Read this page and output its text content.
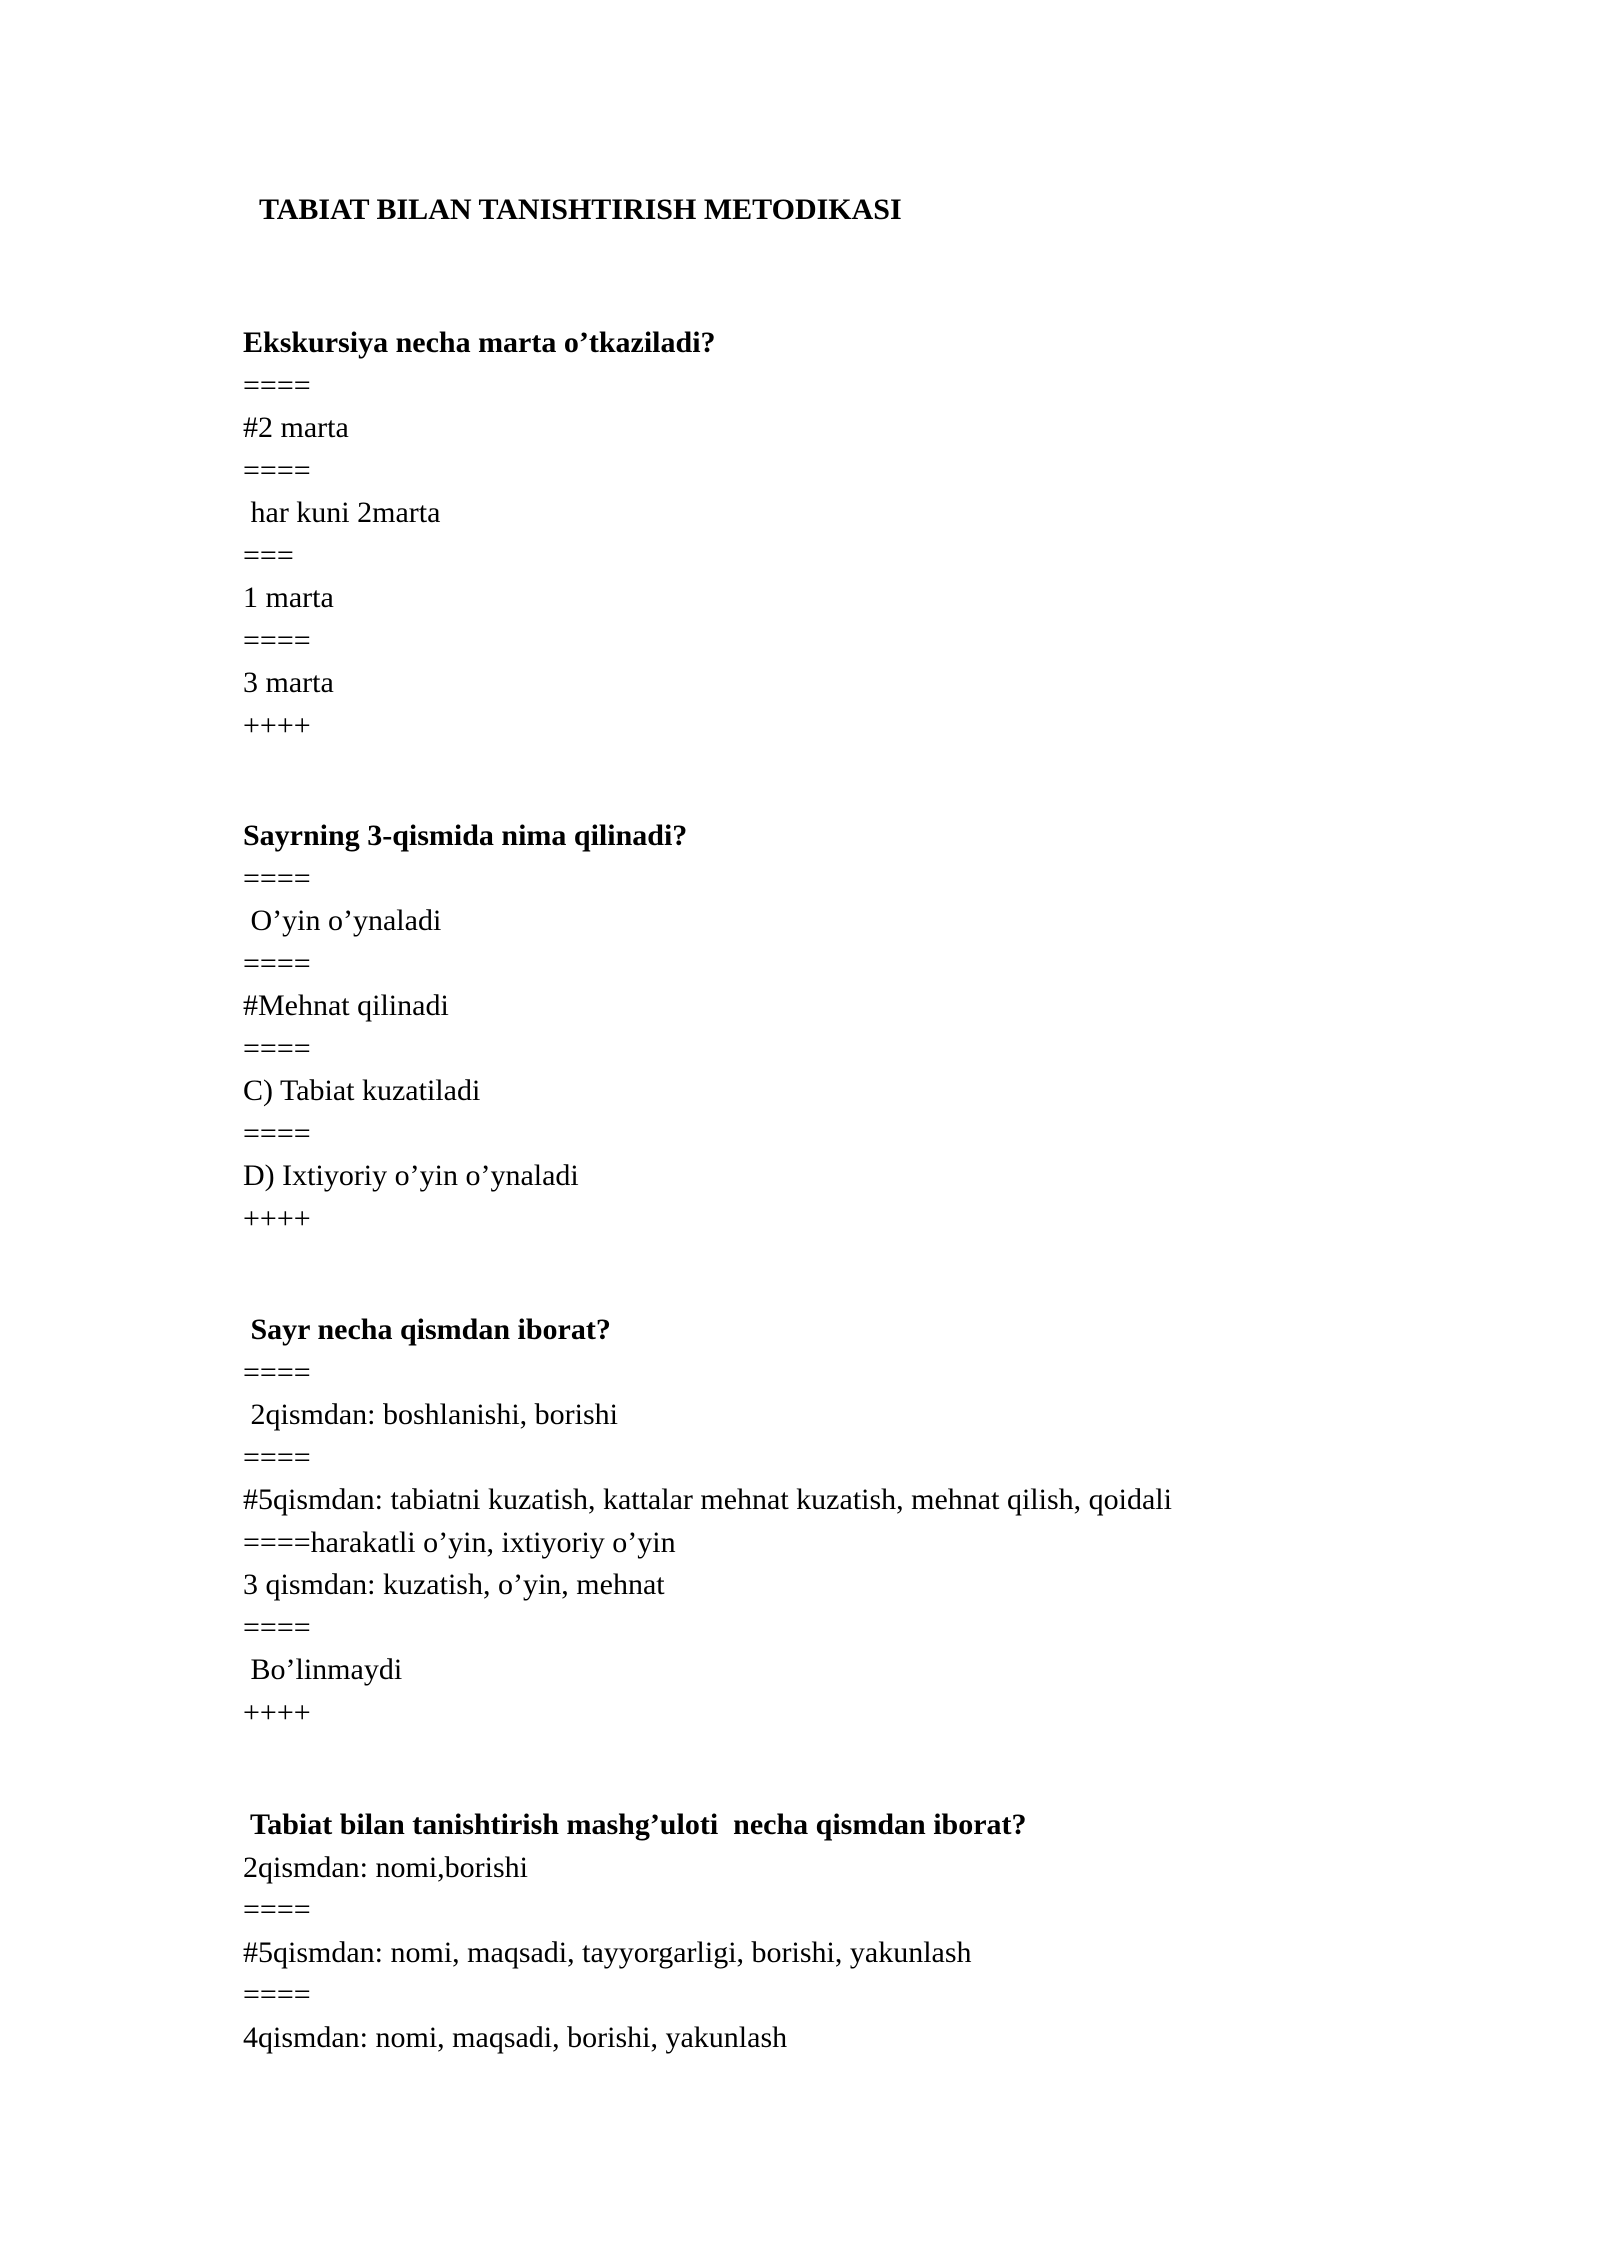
TABIAT BILAN TANISHTIRISH METODIKASI
Ekskursiya necha marta o’tkaziladi?
====
#2 marta
====
har kuni 2marta
===
1 marta
====
3 marta
++++
Sayrning 3-qismida nima qilinadi?
====
O’yin o’ynaladi
====
#Mehnat qilinadi
====
C) Tabiat kuzatiladi
====
D) Ixtiyoriy o’yin o’ynaladi
++++
Sayr necha qismdan iborat?
====
2qismdan: boshlanishi, borishi
====
#5qismdan: tabiatni kuzatish, kattalar mehnat kuzatish, mehnat qilish, qoidali
====harakatli o’yin, ixtiyoriy o’yin
3 qismdan: kuzatish, o’yin, mehnat
====
Bo’linmaydi
++++
Tabiat bilan tanishtirish mashg’uloti  necha qismdan iborat?
2qismdan: nomi,borishi
====
#5qismdan: nomi, maqsadi, tayyorgarligi, borishi, yakunlash
====
4qismdan: nomi, maqsadi, borishi, yakunlash
